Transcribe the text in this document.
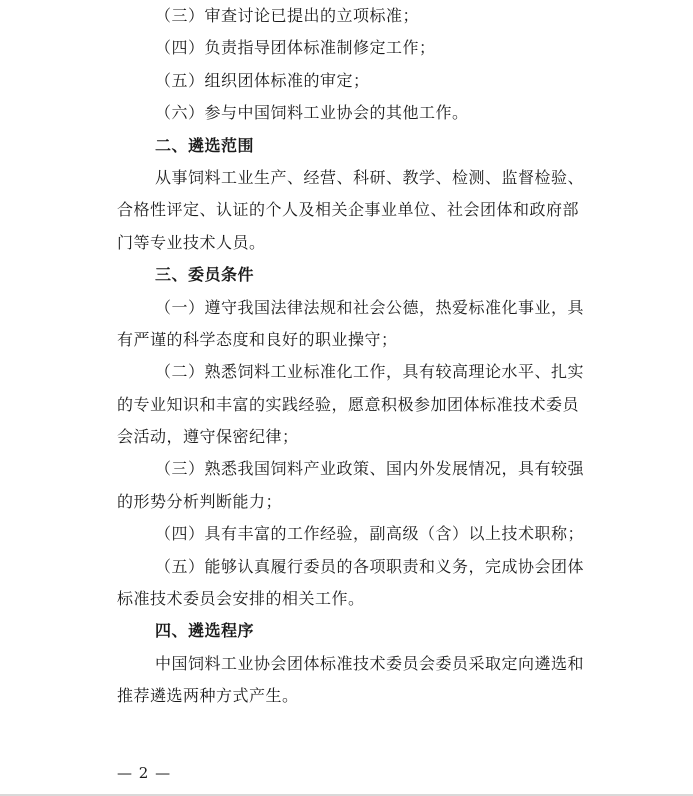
（三）审查讨论已提出的立项标准；
（四）负责指导团体标准制修定工作；
（五）组织团体标准的审定；
（六）参与中国饲料工业协会的其他工作。
二、遴选范围
从事饲料工业生产、经营、科研、教学、检测、监督检验、
合格性评定、认证的个人及相关企事业单位、社会团体和政府部
门等专业技术人员。
三、委员条件
（一）遵守我国法律法规和社会公德，热爱标准化事业，具
有严谨的科学态度和良好的职业操守；
（二）熟悉饲料工业标准化工作，具有较高理论水平、扎实
的专业知识和丰富的实践经验，愿意积极参加团体标准技术委员
会活动，遵守保密纪律；
（三）熟悉我国饲料产业政策、国内外发展情况，具有较强
的形势分析判断能力；
（四）具有丰富的工作经验，副高级（含）以上技术职称；
（五）能够认真履行委员的各项职责和义务，完成协会团体
标准技术委员会安排的相关工作。
四、遴选程序
中国饲料工业协会团体标准技术委员会委员采取定向遴选和
推荐遴选两种方式产生。
— 2 —
